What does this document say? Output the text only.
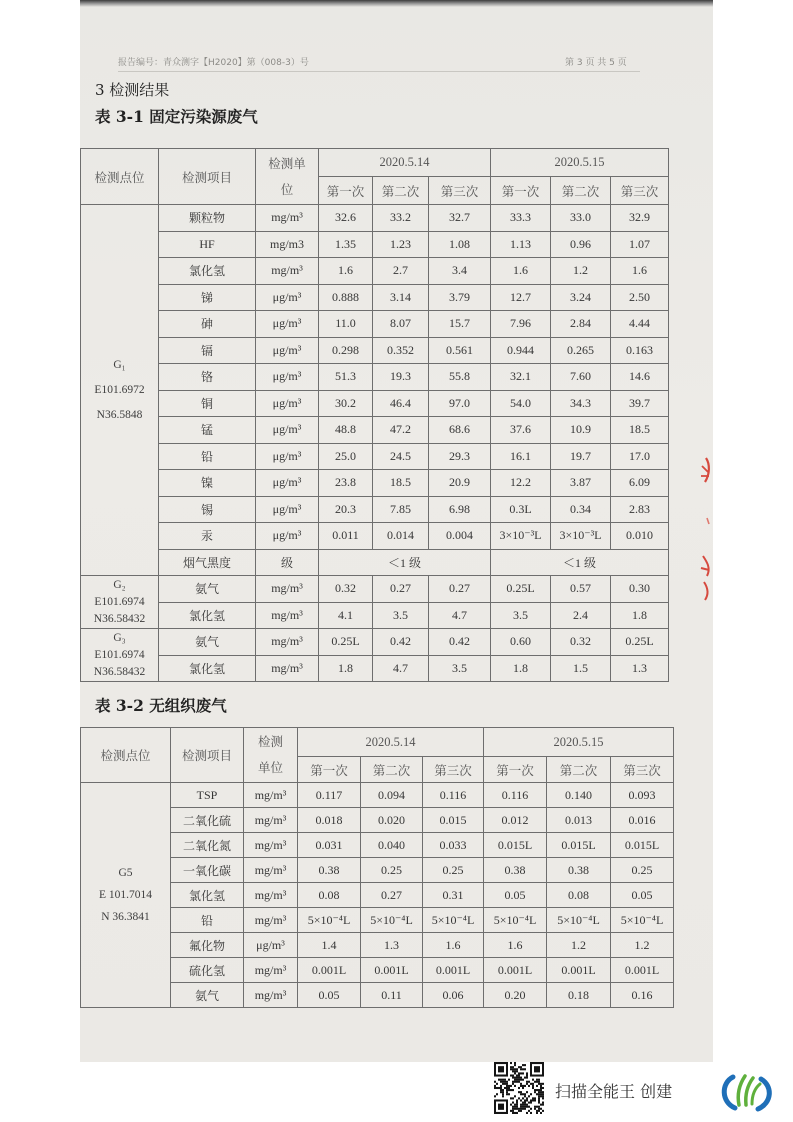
报告编号：青众测字【H2020】第（008-3）号	第 3 页 共 5 页
3 检测结果
表 3-1 固定污染源废气
检测点位	检测项目	检测单位	2020.5.14			2020.5.15		
			第一次	第二次	第三次	第一次	第二次	第三次

G₁
E101.6972
N36.5848	颗粒物	mg/m³	32.6	33.2	32.7	33.3	33.0	32.9
	HF	mg/m3	1.35	1.23	1.08	1.13	0.96	1.07
	氯化氢	mg/m³	1.6	2.7	3.4	1.6	1.2	1.6
	锑	μg/m³	0.888	3.14	3.79	12.7	3.24	2.50
	砷	μg/m³	11.0	8.07	15.7	7.96	2.84	4.44
	镉	μg/m³	0.298	0.352	0.561	0.944	0.265	0.163
	铬	μg/m³	51.3	19.3	55.8	32.1	7.60	14.6
	铜	μg/m³	30.2	46.4	97.0	54.0	34.3	39.7
	锰	μg/m³	48.8	47.2	68.6	37.6	10.9	18.5
	铅	μg/m³	25.0	24.5	29.3	16.1	19.7	17.0
	镍	μg/m³	23.8	18.5	20.9	12.2	3.87	6.09
	锡	μg/m³	20.3	7.85	6.98	0.3L	0.34	2.83
	汞	μg/m³	0.011	0.014	0.004	3×10⁻³L	3×10⁻³L	0.010
	烟气黑度	级	＜1 级			＜1 级		

G₂
E101.6974
N36.58432	氨气	mg/m³	0.32	0.27	0.27	0.25L	0.57	0.30
	氯化氢	mg/m³	4.1	3.5	4.7	3.5	2.4	1.8

G₃
E101.6974
N36.58432	氨气	mg/m³	0.25L	0.42	0.42	0.60	0.32	0.25L
	氯化氢	mg/m³	1.8	4.7	3.5	1.8	1.5	1.3
表 3-2 无组织废气
检测点位	检测项目	检测单位	2020.5.14			2020.5.15		
			第一次	第二次	第三次	第一次	第二次	第三次

G5
E 101.7014
N 36.3841	TSP	mg/m³	0.117	0.094	0.116	0.116	0.140	0.093
	二氧化硫	mg/m³	0.018	0.020	0.015	0.012	0.013	0.016
	二氧化氮	mg/m³	0.031	0.040	0.033	0.015L	0.015L	0.015L
	一氧化碳	mg/m³	0.38	0.25	0.25	0.38	0.38	0.25
	氯化氢	mg/m³	0.08	0.27	0.31	0.05	0.08	0.05
	铅	mg/m³	5×10⁻⁴L	5×10⁻⁴L	5×10⁻⁴L	5×10⁻⁴L	5×10⁻⁴L	5×10⁻⁴L
	氟化物	μg/m³	1.4	1.3	1.6	1.6	1.2	1.2
	硫化氢	mg/m³	0.001L	0.001L	0.001L	0.001L	0.001L	0.001L
	氨气	mg/m³	0.05	0.11	0.06	0.20	0.18	0.16
扫描全能王 创建
